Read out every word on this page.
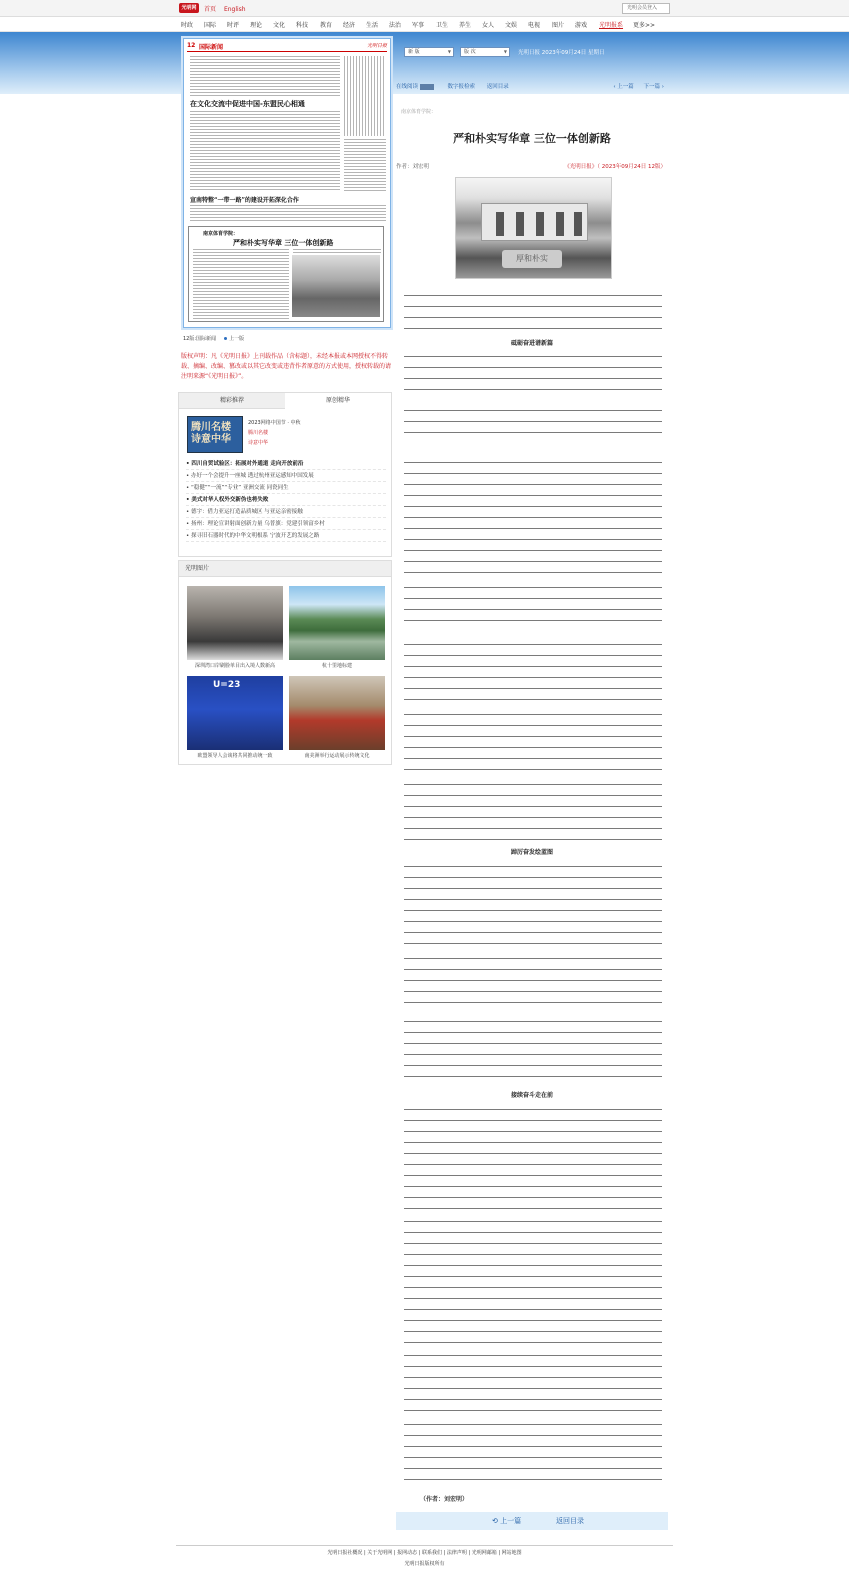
光明网	首页 English	光明会员登入
时政 国际 时评 理论 文化 科技 教育 经济 生活 法治 军事 卫生 养生 女人 文娱 电视 图片 游戏 光明报系 更多>>
12 国际新闻	光明日报
在文化交流中促进中国-东盟民心相通
宣南特整“一带一路”的建设开拓深化合作
南京体育学院：
严和朴实写华章 三位一体创新路
12版:国际新闻	上一版
版权声明：凡《光明日报》上刊载作品（含标题），未经本报或本网授权不得转载、摘编、改编、篡改或以其它改变或违背作者原意的方式使用，授权转载的请注明来源“《光明日报》”。
精彩推荐	原创精华
腾川名楼 诗意中华
2023网络中国节 · 中秋
腾川名楼
诗意中华
• 四川自贸试验区：拓展对外通道 走向开放前沿
• 办好一个会提升一座城 透过杭州亚运感知中国发展
• “稳健”“一流”“专业” 亚洲交流 同瓷同生
• 美式对华人权外交新伪也将失败
• 德宇：借力亚运打造品质城区 与亚运亲密接触
• 扬州：理论宣讲射面创新力量 乌普旗：党建引领富乡村
• 探寻旧石器时代的中华文明根系 宁波开艺的发展之路
光明图片
深圳湾口岸刷脸单目出入境人数新高	杭十里地标建
U=23
欧盟领导人会谈将共同推动统一致	南美洲举行运动展示传统文化
新 版 ▼	版 次 ▼	光明日报 2023年09月24日 星期日
在线阅读	数字报检索 返回目录	‹ 上一篇 下一篇 ›
南京体育学院：
严和朴实写华章 三位一体创新路
作者：刘宏明	《光明日报》（ 2023年09月24日 12版）
厚和朴实
砥砺奋进谱新篇
踔厉奋发绘蓝图
接续奋斗走在前
（作者：刘宏明）
⟲ 上一篇	返回目录
光明日报社概况 | 关于光明网 | 报网动态 | 联系我们 | 法律声明 | 光明网邮箱 | 网站地图
光明日报版权所有
